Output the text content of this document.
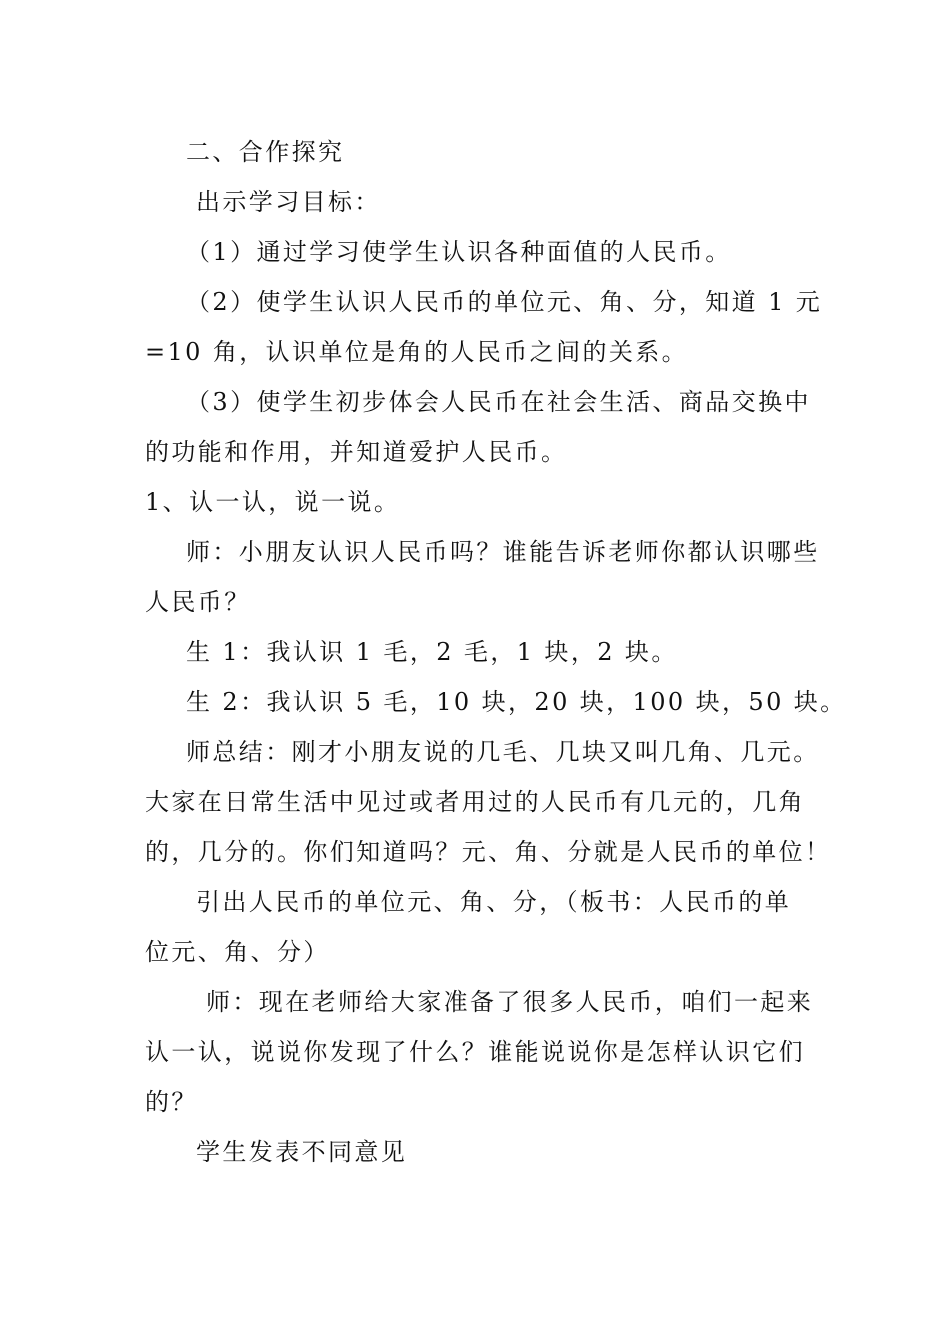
二、合作探究

出示学习目标：

（1）通过学习使学生认识各种面值的人民币。

（2）使学生认识人民币的单位元、角、分，知道 1 元

=10 角，认识单位是角的人民币之间的关系。

（3）使学生初步体会人民币在社会生活、商品交换中

的功能和作用，并知道爱护人民币。

1、认一认，说一说。

师：小朋友认识人民币吗？谁能告诉老师你都认识哪些

人民币？

生 1：我认识 1 毛，2 毛，1 块，2 块。

生 2：我认识 5 毛，10 块，20 块，100 块，50 块。

师总结：刚才小朋友说的几毛、几块又叫几角、几元。

大家在日常生活中见过或者用过的人民币有几元的，几角

的，几分的。你们知道吗？元、角、分就是人民币的单位！

引出人民币的单位元、角、分，（板书：人民币的单

位元、角、分）

师：现在老师给大家准备了很多人民币，咱们一起来

认一认，说说你发现了什么？谁能说说你是怎样认识它们

的？

学生发表不同意见
